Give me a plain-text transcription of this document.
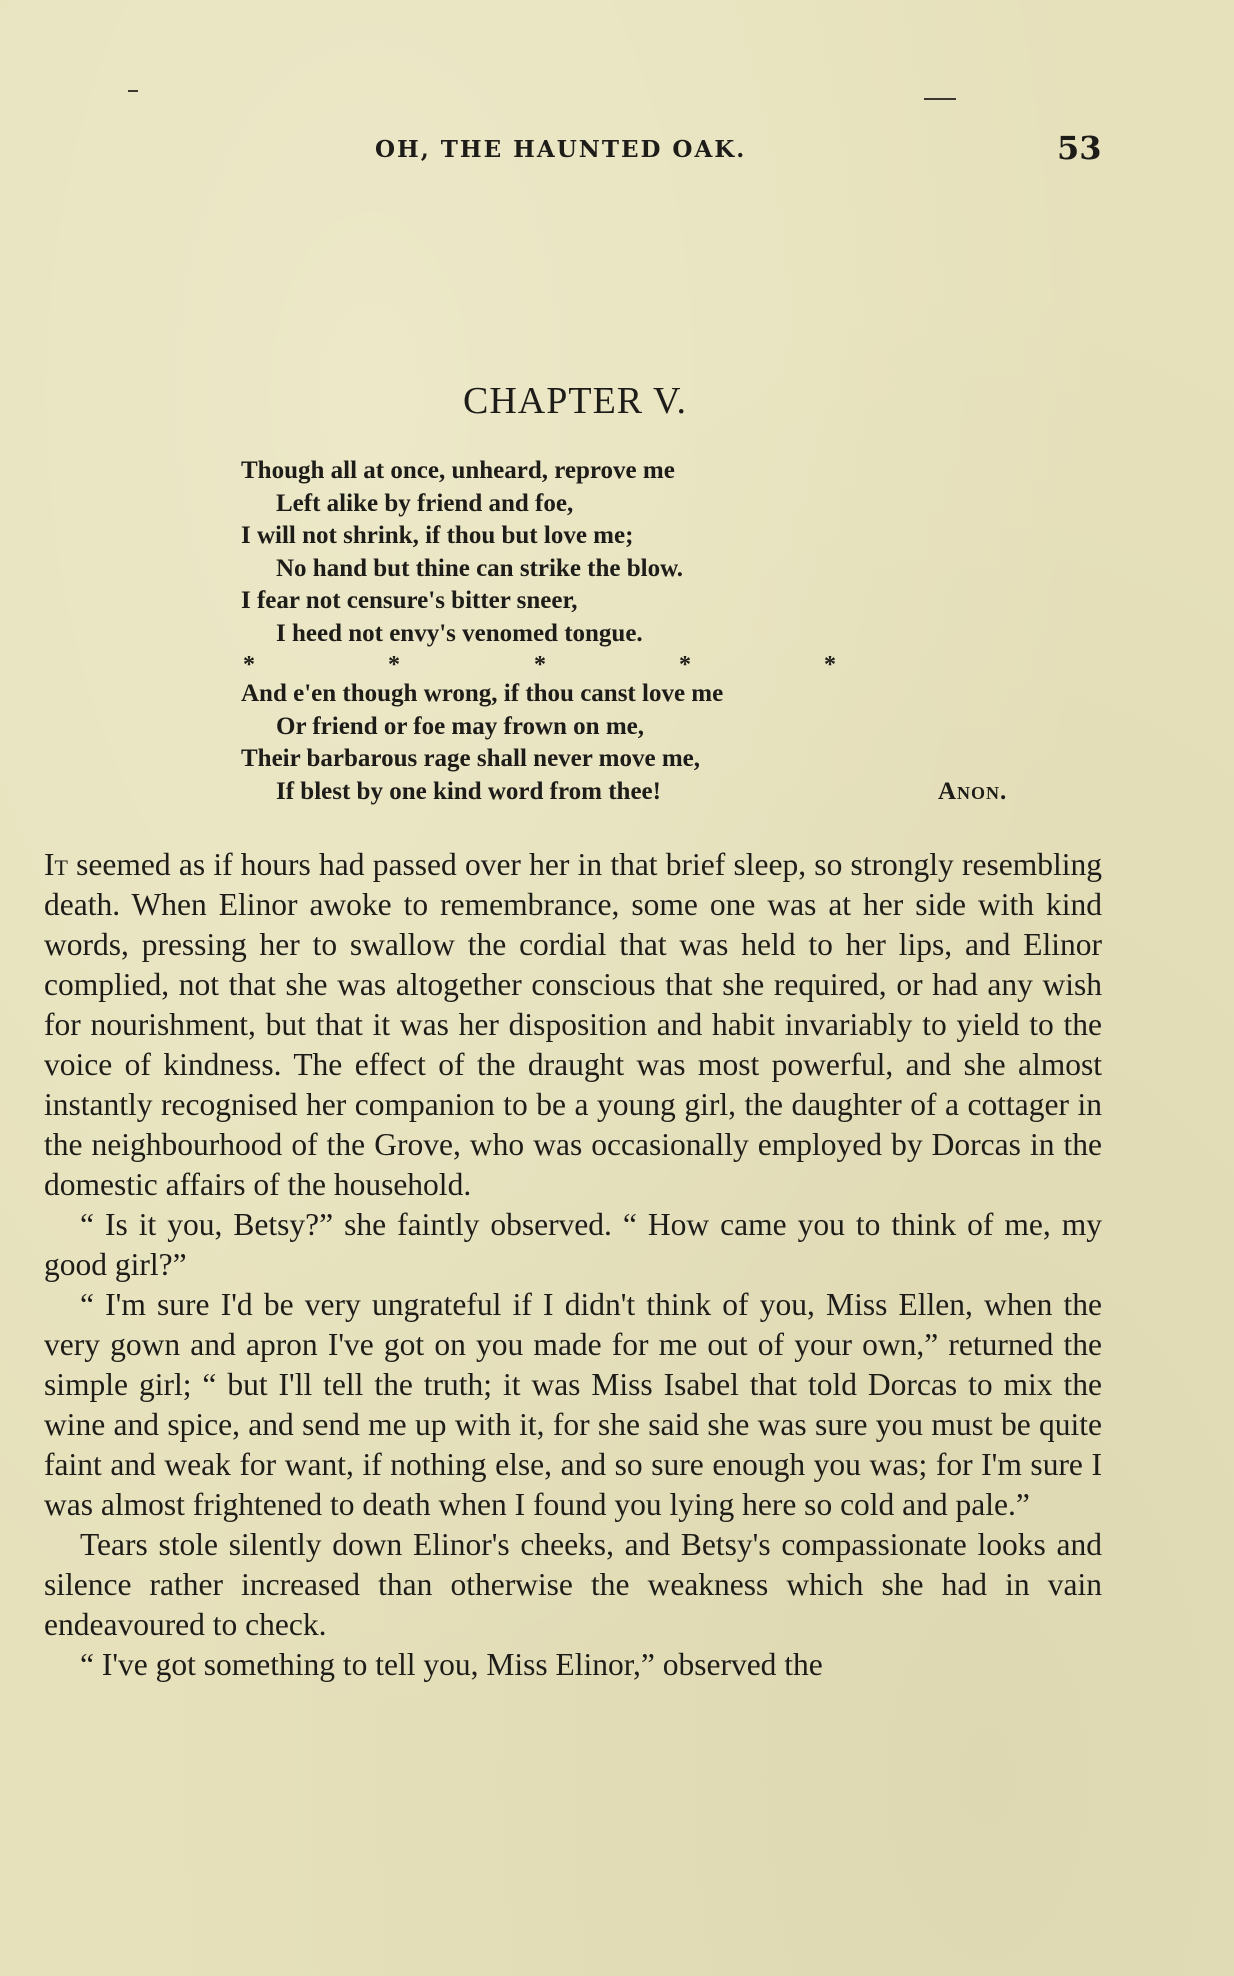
OH, THE HAUNTED OAK.	53
CHAPTER V.
Though all at once, unheard, reprove me
Left alike by friend and foe,
I will not shrink, if thou but love me;
No hand but thine can strike the blow.
I fear not censure's bitter sneer,
I heed not envy's venomed tongue.
*	*	*	*	*
And e'en though wrong, if thou canst love me
Or friend or foe may frown on me,
Their barbarous rage shall never move me,
If blest by one kind word from thee!	Anon.

It seemed as if hours had passed over her in that brief sleep, so strongly resembling death. When Elinor awoke to remembrance, some one was at her side with kind words, pressing her to swallow the cordial that was held to her lips, and Elinor complied, not that she was altogether conscious that she required, or had any wish for nourishment, but that it was her disposition and habit invariably to yield to the voice of kindness. The effect of the draught was most powerful, and she almost instantly recognised her companion to be a young girl, the daughter of a cottager in the neighbourhood of the Grove, who was occasionally employed by Dorcas in the domestic affairs of the household.

“ Is it you, Betsy?” she faintly observed. “ How came you to think of me, my good girl?”

“ I'm sure I'd be very ungrateful if I didn't think of you, Miss Ellen, when the very gown and apron I've got on you made for me out of your own,” returned the simple girl; “ but I'll tell the truth; it was Miss Isabel that told Dorcas to mix the wine and spice, and send me up with it, for she said she was sure you must be quite faint and weak for want, if nothing else, and so sure enough you was; for I'm sure I was almost frightened to death when I found you lying here so cold and pale.”

Tears stole silently down Elinor's cheeks, and Betsy's compassionate looks and silence rather increased than otherwise the weakness which she had in vain endeavoured to check.

“ I've got something to tell you, Miss Elinor,” observed the
